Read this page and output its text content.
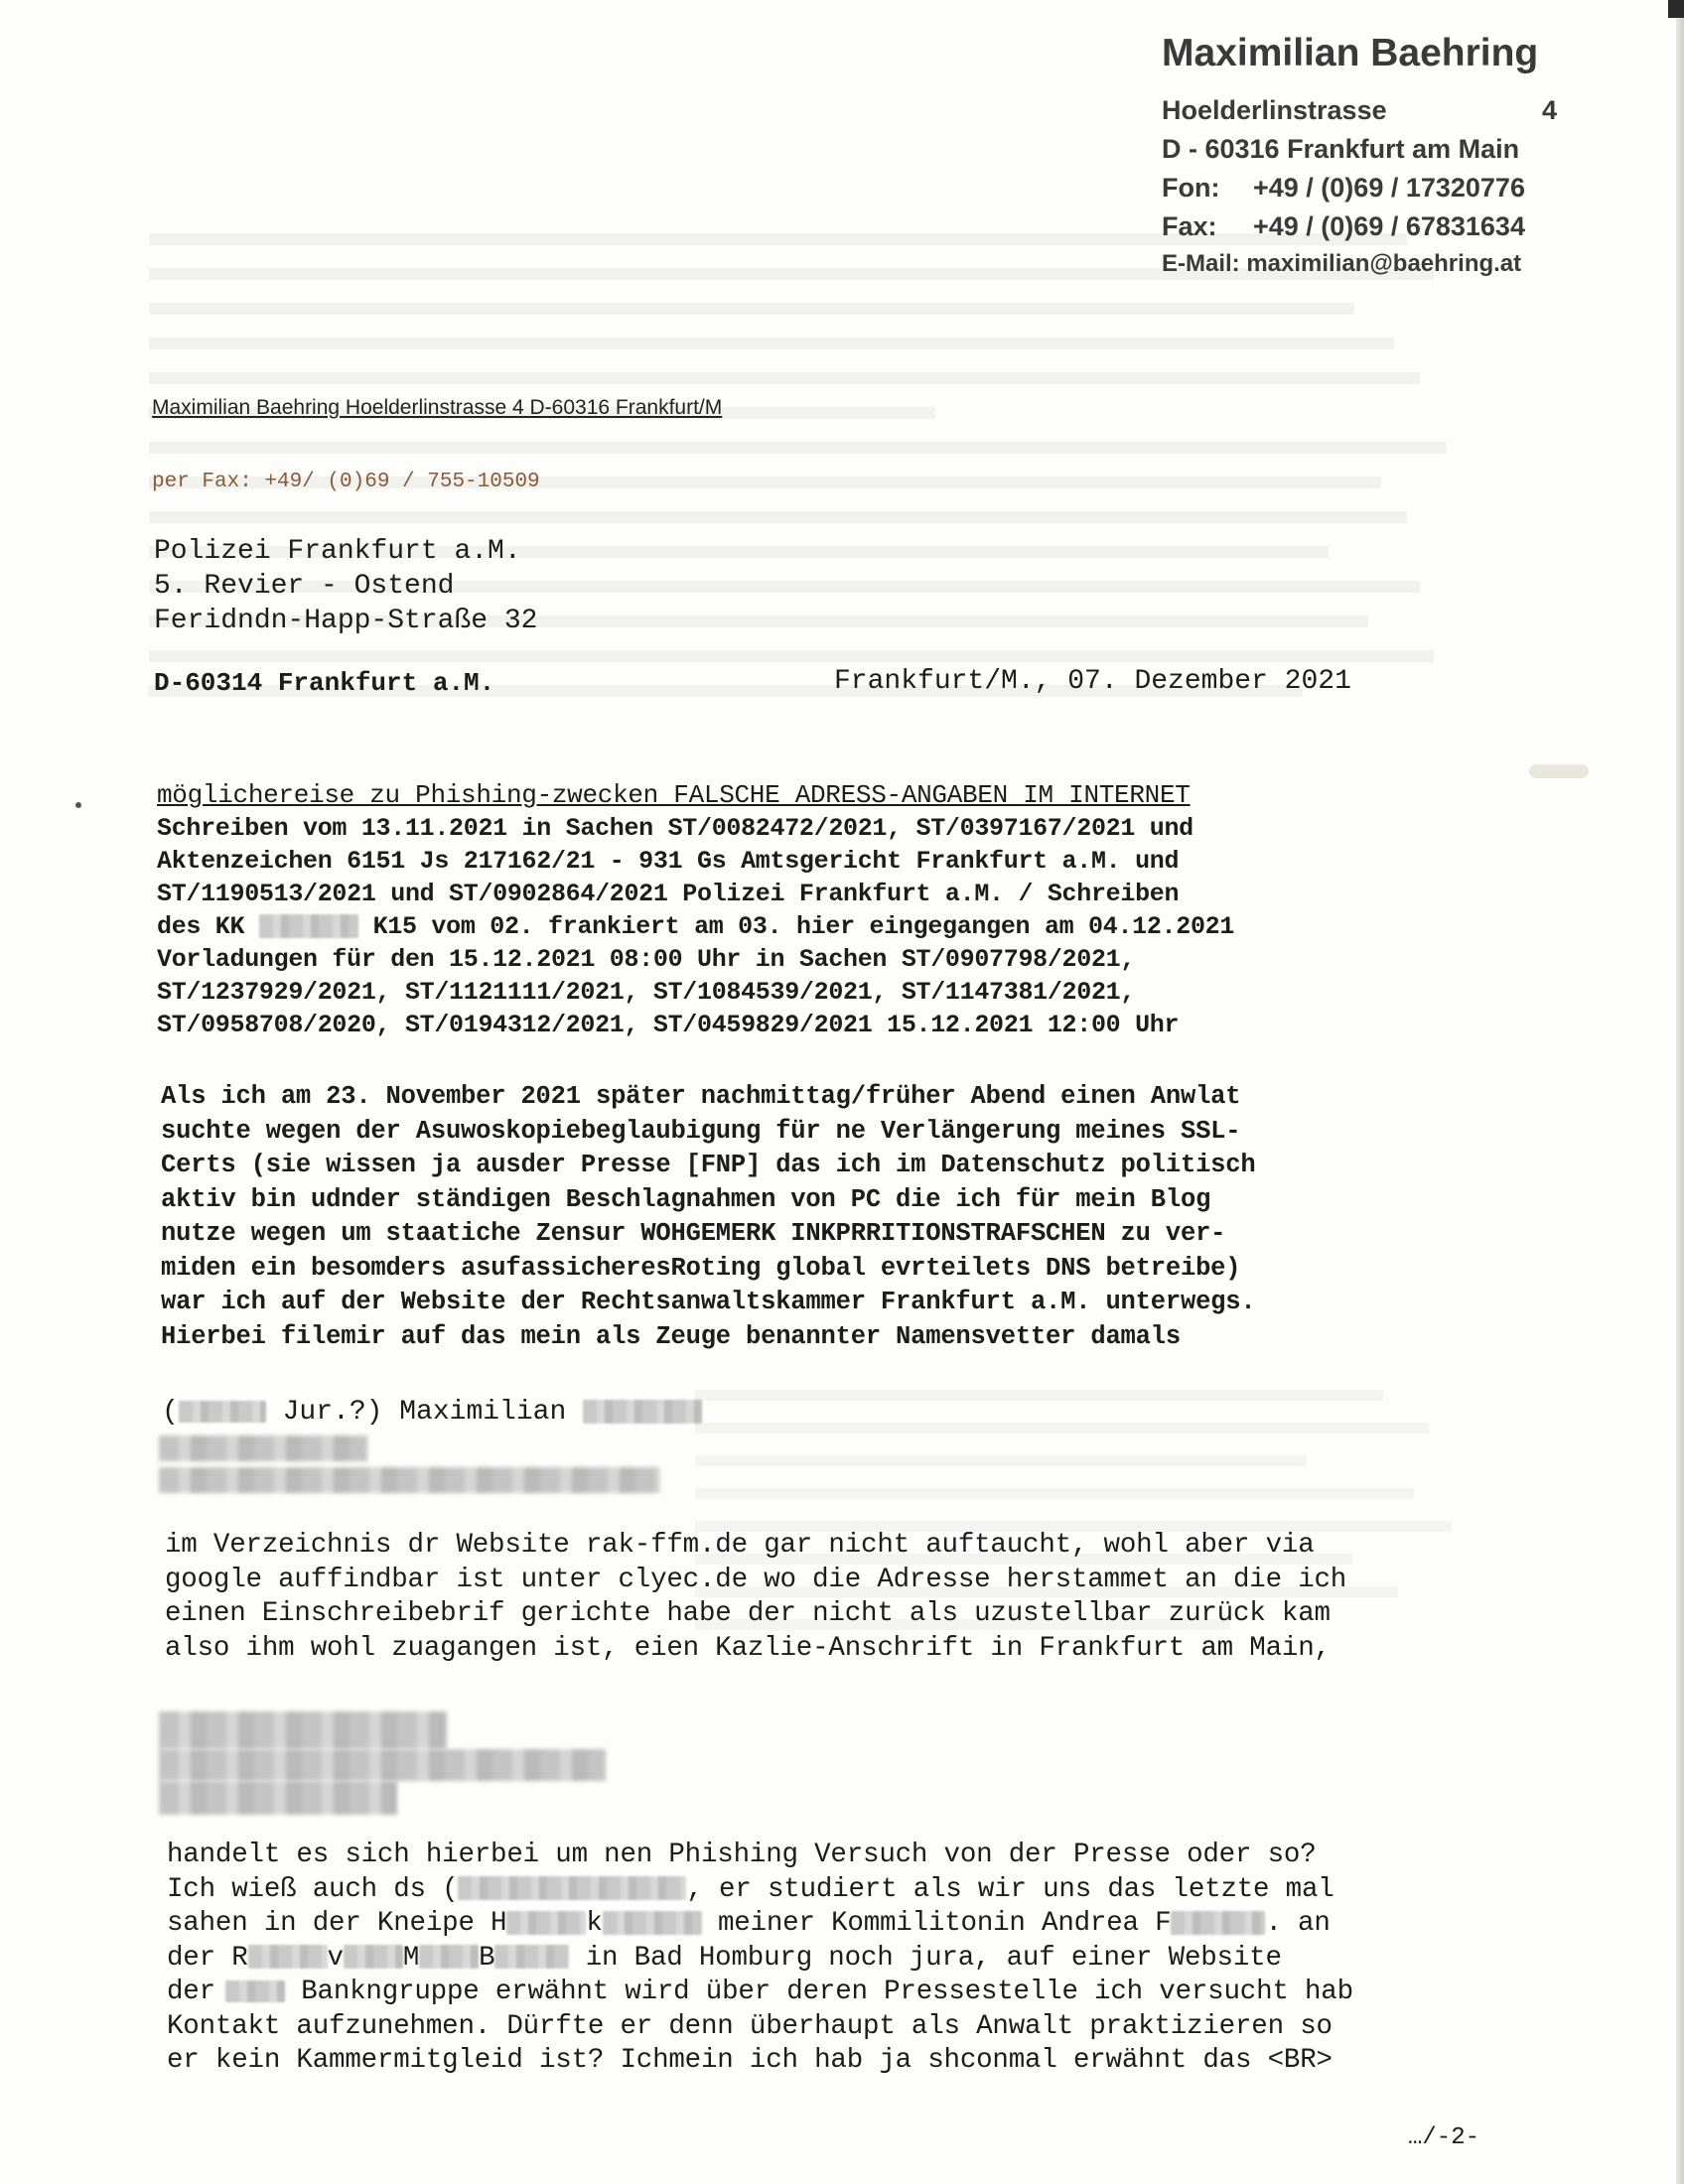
Maximilian Baehring
Hoelderlinstrasse	4
D - 60316 Frankfurt am Main
Fon: +49 / (0)69 / 17320776
Fax: +49 / (0)69 / 67831634
E-Mail: maximilian@baehring.at
Maximilian Baehring Hoelderlinstrasse 4 D-60316 Frankfurt/M
per Fax: +49/ (0)69 / 755-10509
Polizei Frankfurt a.M.
5. Revier - Ostend
Feridndn-Happ-Straße 32
D-60314 Frankfurt a.M.	Frankfurt/M., 07. Dezember 2021
möglichereise zu Phishing-zwecken FALSCHE ADRESS-ANGABEN IM INTERNET
Schreiben vom 13.11.2021 in Sachen ST/0082472/2021, ST/0397167/2021 und
Aktenzeichen 6151 Js 217162/21 - 931 Gs Amtsgericht Frankfurt a.M. und
ST/1190513/2021 und ST/0902864/2021 Polizei Frankfurt a.M. / Schreiben
des KK	K15 vom 02. frankiert am 03. hier eingegangen am 04.12.2021
Vorladungen für den 15.12.2021 08:00 Uhr in Sachen ST/0907798/2021,
ST/1237929/2021, ST/1121111/2021, ST/1084539/2021, ST/1147381/2021,
ST/0958708/2020, ST/0194312/2021, ST/0459829/2021 15.12.2021 12:00 Uhr
Als ich am 23. November 2021 später nachmittag/früher Abend einen Anwlat
suchte wegen der Asuwoskopiebeglaubigung für ne Verlängerung meines SSL-
Certs (sie wissen ja ausder Presse [FNP] das ich im Datenschutz politisch
aktiv bin udnder ständigen Beschlagnahmen von PC die ich für mein Blog
nutze wegen um staatiche Zensur WOHGEMERK INKPRRITIONSTRAFSCHEN zu ver-
miden ein besomders asufassicheresRoting global evrteilets DNS betreibe)
war ich auf der Website der Rechtsanwaltskammer Frankfurt a.M. unterwegs.
Hierbei filemir auf das mein als Zeuge benannter Namensvetter damals
(	Jur.?) Maximilian
im Verzeichnis dr Website rak-ffm.de gar nicht auftaucht, wohl aber via
google auffindbar ist unter clyec.de wo die Adresse herstammet an die ich
einen Einschreibebrif gerichte habe der nicht als uzustellbar zurück kam
also ihm wohl zuagangen ist, eien Kazlie-Anschrift in Frankfurt am Main,
handelt es sich hierbei um nen Phishing Versuch von der Presse oder so?
Ich wieß auch ds (	, er studiert als wir uns das letzte mal
sahen in der Kneipe H	k	meiner Kommilitonin Andrea F	. an
der R	v M B	in Bad Homburg noch jura, auf einer Website
der	Bankngruppe erwähnt wird über deren Pressestelle ich versucht hab
Kontakt aufzunehmen. Dürfte er denn überhaupt als Anwalt praktizieren so
er kein Kammermitgleid ist? Ichmein ich hab ja shconmal erwähnt das <BR>
…/-2-
